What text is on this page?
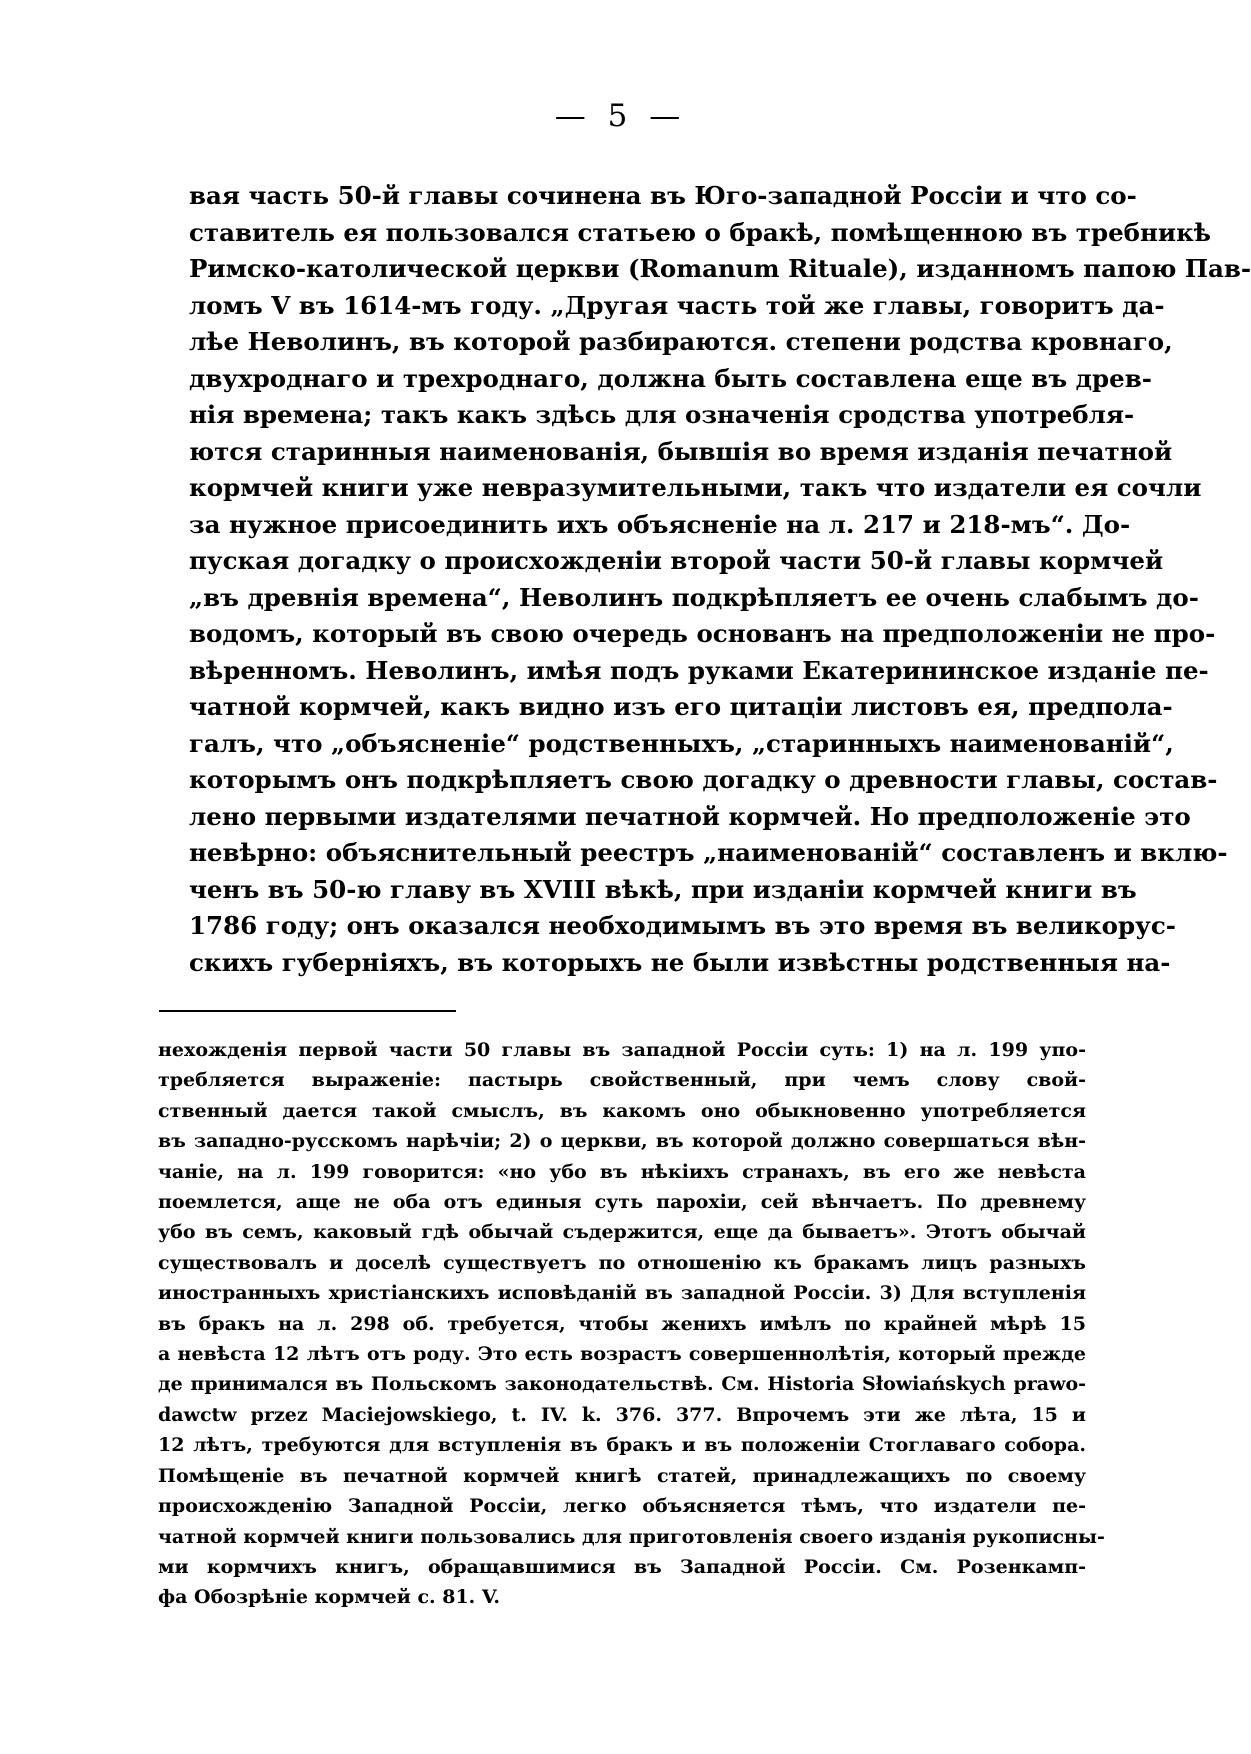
— 5 —
вая часть 50-й главы сочинена въ Юго-западной Россіи и что со-
ставитель ея пользовался статьею о бракѣ, помѣщенною въ требникѣ
Римско-католической церкви (Romanum Rituale), изданномъ папою Пав-
ломъ V въ 1614-мъ году. „Другая часть той же главы, говоритъ да-
лѣе Неволинъ, въ которой разбираются. степени родства кровнаго,
двухроднаго и трехроднаго, должна быть составлена еще въ древ-
нія времена; такъ какъ здѣсь для означенія сродства употребля-
ются старинныя наименованія, бывшія во время изданія печатной
кормчей книги уже невразумительными, такъ что издатели ея сочли
за нужное присоединить ихъ объясненіе на л. 217 и 218-мъ“. До-
пуская догадку о происхожденіи второй части 50-й главы кормчей
„въ древнія времена“, Неволинъ подкрѣпляетъ ее очень слабымъ до-
водомъ, который въ свою очередь основанъ на предположеніи не про-
вѣренномъ. Неволинъ, имѣя подъ руками Екатерининское изданіе пе-
чатной кормчей, какъ видно изъ его цитаціи листовъ ея, предпола-
галъ, что „объясненіе“ родственныхъ, „старинныхъ наименованій“,
которымъ онъ подкрѣпляетъ свою догадку о древности главы, состав-
лено первыми издателями печатной кормчей. Но предположеніе это
невѣрно: объяснительный реестръ „наименованій“ составленъ и вклю-
ченъ въ 50-ю главу въ XVIII вѣкѣ, при изданіи кормчей книги въ
1786 году; онъ оказался необходимымъ въ это время въ великорус-
скихъ губерніяхъ, въ которыхъ не были извѣстны родственныя на-
нехожденія первой части 50 главы въ западной Россіи суть: 1) на л. 199 упо-
требляется выраженіе: пастырь свойственный, при чемъ слову свой-
ственный дается такой смыслъ, въ какомъ оно обыкновенно употребляется
въ западно-русскомъ нарѣчіи; 2) о церкви, въ которой должно совершаться вѣн-
чаніе, на л. 199 говорится: «но убо въ нѣкіихъ странахъ, въ его же невѣста
поемлется, аще не оба отъ единыя суть парохіи, сей вѣнчаетъ. По древнему
убо въ семъ, каковый гдѣ обычай съдержится, еще да бываетъ». Этотъ обычай
существовалъ и доселѣ существуетъ по отношенію къ бракамъ лицъ разныхъ
иностранныхъ христіанскихъ исповѣданій въ западной Россіи. 3) Для вступленія
въ бракъ на л. 298 об. требуется, чтобы женихъ имѣлъ по крайней мѣрѣ 15
а невѣста 12 лѣтъ отъ роду. Это есть возрастъ совершеннолѣтія, который прежде
де принимался въ Польскомъ законодательствѣ. См. Historia Słowiańskych prawo-
dawctw przez Maciejowskiego, t. IV. k. 376. 377. Впрочемъ эти же лѣта, 15 и
12 лѣтъ, требуются для вступленія въ бракъ и въ положеніи Стоглаваго собора.
Помѣщеніе въ печатной кормчей книгѣ статей, принадлежащихъ по своему
происхожденію Западной Россіи, легко объясняется тѣмъ, что издатели пе-
чатной кормчей книги пользовались для приготовленія своего изданія рукописны-
ми кормчихъ книгъ, обращавшимися въ Западной Россіи. См. Розенкамп-
фа Обозрѣніе кормчей с. 81. V.
